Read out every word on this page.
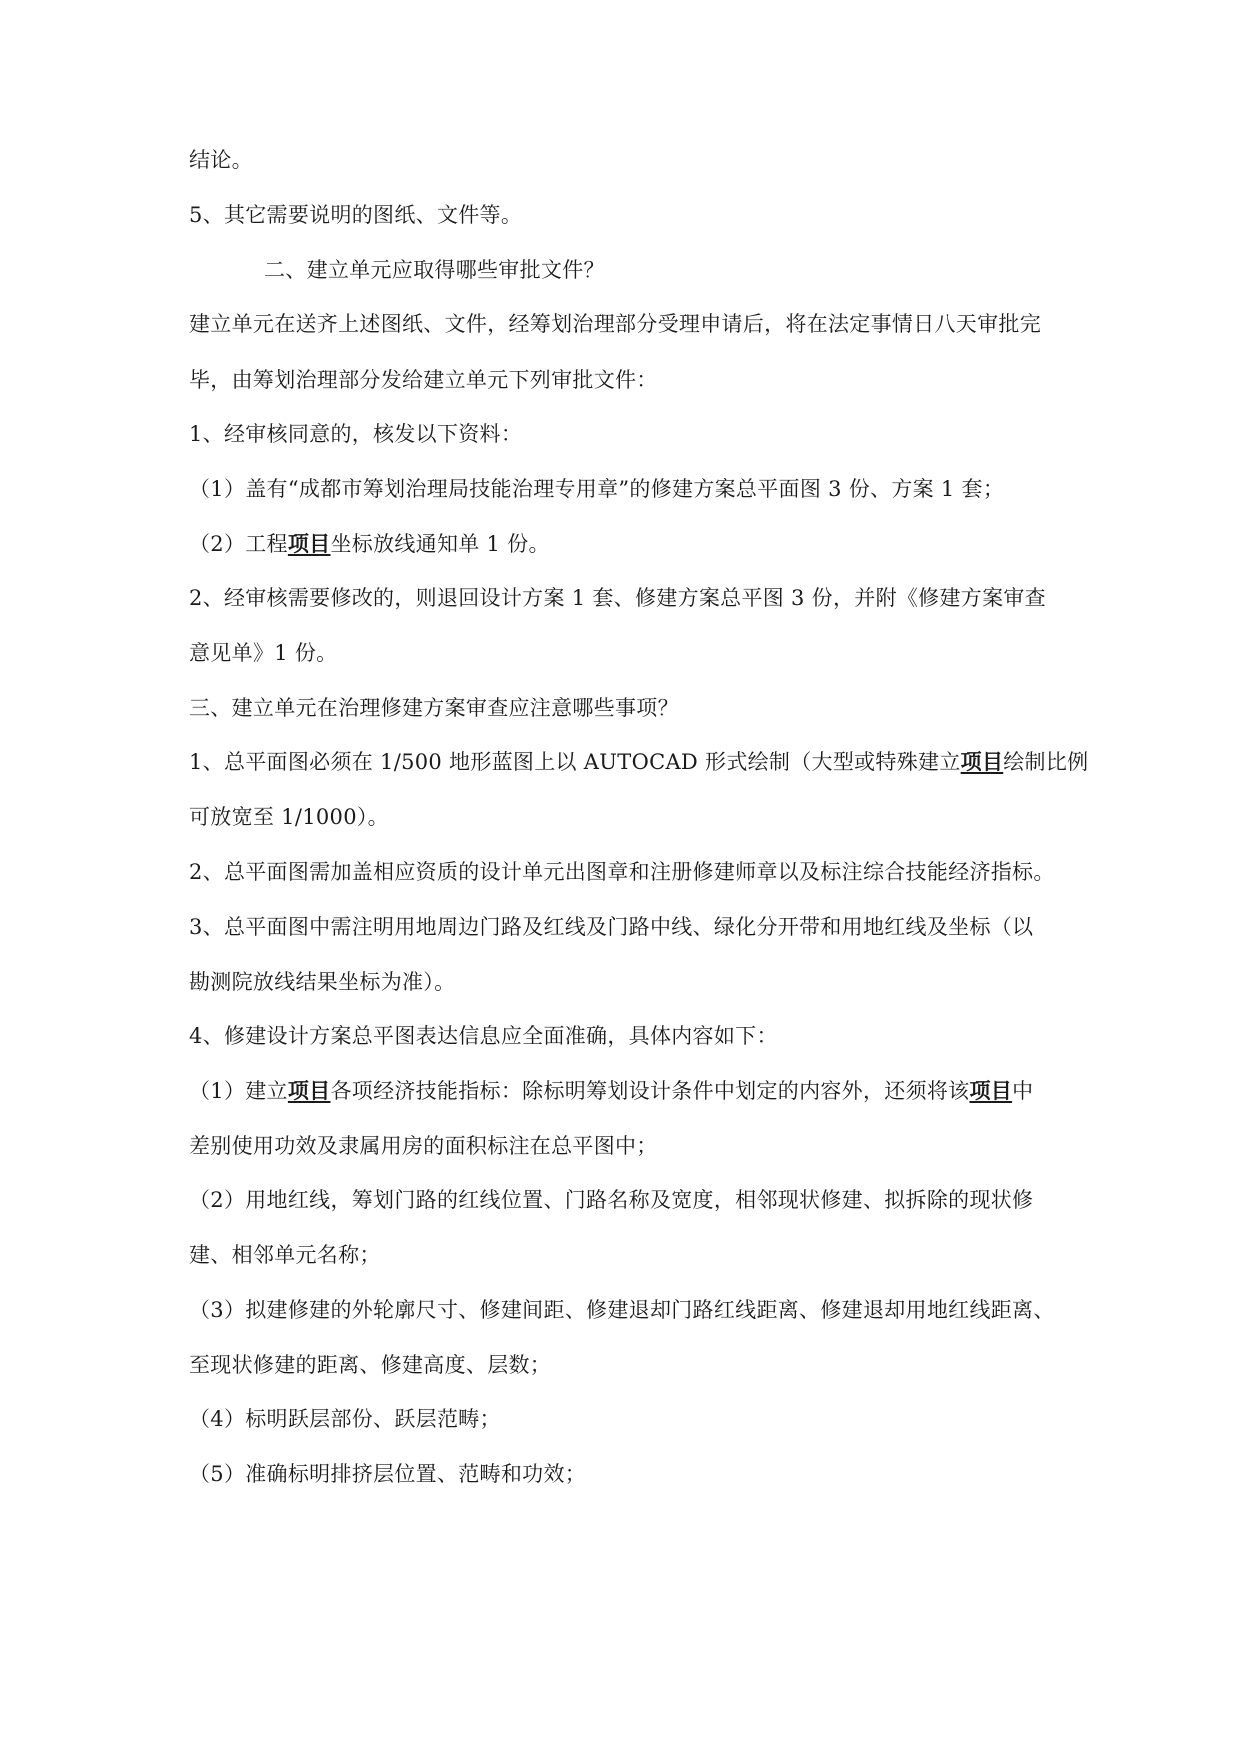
结论。
5、其它需要说明的图纸、文件等。
二、建立单元应取得哪些审批文件？
建立单元在送齐上述图纸、文件，经筹划治理部分受理申请后，将在法定事情日八天审批完
毕，由筹划治理部分发给建立单元下列审批文件：
1、经审核同意的，核发以下资料：
（1）盖有“成都市筹划治理局技能治理专用章”的修建方案总平面图 3 份、方案 1 套；
（2）工程项目坐标放线通知单 1 份。
2、经审核需要修改的，则退回设计方案 1 套、修建方案总平图 3 份，并附《修建方案审查
意见单》1 份。
三、建立单元在治理修建方案审查应注意哪些事项？
1、总平面图必须在 1/500 地形蓝图上以 AUTOCAD 形式绘制（大型或特殊建立项目绘制比例
可放宽至 1/1000）。
2、总平面图需加盖相应资质的设计单元出图章和注册修建师章以及标注综合技能经济指标。
3、总平面图中需注明用地周边门路及红线及门路中线、绿化分开带和用地红线及坐标（以
勘测院放线结果坐标为准）。
4、修建设计方案总平图表达信息应全面准确，具体内容如下：
（1）建立项目各项经济技能指标：除标明筹划设计条件中划定的内容外，还须将该项目中
差别使用功效及隶属用房的面积标注在总平图中；
（2）用地红线，筹划门路的红线位置、门路名称及宽度，相邻现状修建、拟拆除的现状修
建、相邻单元名称；
（3）拟建修建的外轮廓尺寸、修建间距、修建退却门路红线距离、修建退却用地红线距离、
至现状修建的距离、修建高度、层数；
（4）标明跃层部份、跃层范畴；
（5）准确标明排挤层位置、范畴和功效；
